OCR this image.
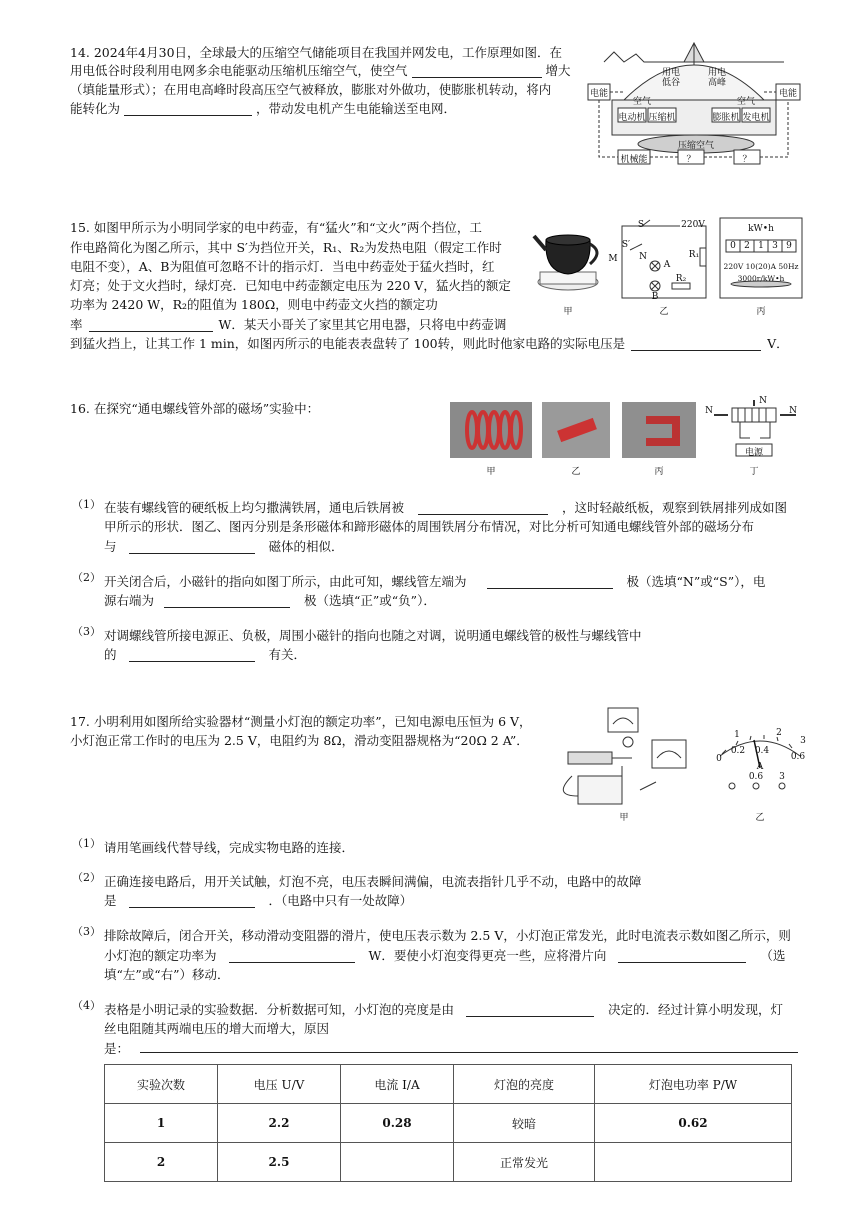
14. 2024年4月30日，全球最大的压缩空气储能项目在我国并网发电，工作原理如图．在
用电低谷时段利用电网多余电能驱动压缩机压缩空气，使空气	增大
（填能量形式）；在用电高峰时段高压空气被释放，膨胀对外做功，使膨胀机转动，将内
能转化为	，带动发电机产生电能输送至电网．
电能	电能
用电
低谷
用电
高峰
空气	空气
电动机 压缩机	膨胀机 发电机
压缩空气
机械能	？	？
15. 如图甲所示为小明同学家的电中药壶，有“猛火”和“文火”两个挡位，工
作电路简化为图乙所示，其中 S′为挡位开关，R₁、R₂为发热电阻（假定工作时
电阻不变），A、B为阻值可忽略不计的指示灯．当电中药壶处于猛火挡时，红
灯亮；处于文火挡时，绿灯亮．已知电中药壶额定电压为 220 V，猛火挡的额定
功率为 2420 W，R₂的阻值为 180Ω，则电中药壶文火挡的额定功
率	W．某天小哥关了家里其它用电器，只将电中药壶调
到猛火挡上，让其工作 1 min，如图丙所示的电能表表盘转了 100转，则此时他家电路的实际电压是	V．
甲	乙	丙
220V
S
S′
M N
A
B
R₁
R₂
kW•h
0 2 1 3 9
220V 10(20)A 50Hz
3000r/kW•h
16. 在探究“通电螺线管外部的磁场”实验中：
甲	乙	丙	丁
N
N
N
电源
（1） 在装有螺线管的硬纸板上均匀撒满铁屑，通电后铁屑被	，这时轻敲纸板，观察到铁屑排列成如图
甲所示的形状．图乙、图丙分别是条形磁体和蹄形磁体的周围铁屑分布情况，对比分析可知通电螺线管外部的磁场分布
与	磁体的相似．
（2） 开关闭合后，小磁针的指向如图丁所示，由此可知，螺线管左端为	极（选填“N”或“S”），电
源右端为	极（选填“正”或“负”）．
（3） 对调螺线管所接电源正、负极，周围小磁针的指向也随之对调，说明通电螺线管的极性与螺线管中
的	有关．
17. 小明利用如图所给实验器材“测量小灯泡的额定功率”，已知电源电压恒为 6 V，
小灯泡正常工作时的电压为 2.5 V，电阻约为 8Ω，滑动变阻器规格为“20Ω 2 A”．
甲	乙
0
0.2 0.4
0.6
1	2
3
A
0.6	3
（1） 请用笔画线代替导线，完成实物电路的连接．
（2） 正确连接电路后，用开关试触，灯泡不亮，电压表瞬间满偏，电流表指针几乎不动，电路中的故障
是	．（电路中只有一处故障）
（3） 排除故障后，闭合开关，移动滑动变阻器的滑片，使电压表示数为 2.5 V，小灯泡正常发光，此时电流表示数如图乙所示，则
小灯泡的额定功率为	W．要使小灯泡变得更亮一些，应将滑片向	（选
填“左”或“右”）移动．
（4） 表格是小明记录的实验数据．分析数据可知，小灯泡的亮度是由	决定的．经过计算小明发现，灯
丝电阻随其两端电压的增大而增大，原因
是：
实验次数	电压 U/V	电流 I/A	灯泡的亮度	灯泡电功率 P/W
1	2.2	0.28	较暗	0.62
2	2.5		正常发光	
